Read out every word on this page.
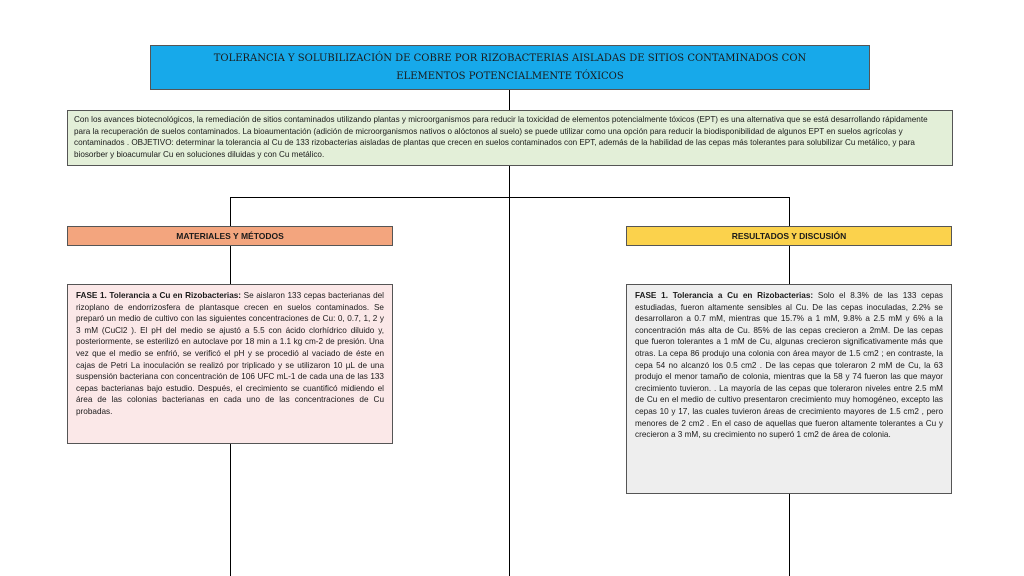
TOLERANCIA Y SOLUBILIZACIÓN DE COBRE POR RIZOBACTERIAS AISLADAS DE SITIOS CONTAMINADOS CON ELEMENTOS POTENCIALMENTE TÓXICOS
Con los avances biotecnológicos, la remediación de sitios contaminados utilizando plantas y microorganismos para reducir la toxicidad de elementos potencialmente tóxicos (EPT) es una alternativa que se está desarrollando rápidamente para la recuperación de suelos contaminados. La bioaumentación (adición de microorganismos nativos o alóctonos al suelo) se puede utilizar como una opción para reducir la biodisponibilidad de algunos EPT en suelos agrícolas y contaminados . OBJETIVO: determinar la tolerancia al Cu de 133 rizobacterias aisladas de plantas que crecen en suelos contaminados con EPT, además de la habilidad de las cepas más tolerantes para solubilizar Cu metálico, y para biosorber y bioacumular Cu en soluciones diluidas y con Cu metálico.
MATERIALES Y MÉTODOS	RESULTADOS Y DISCUSIÓN
FASE 1. Tolerancia a Cu en Rizobacterias: Se aislaron 133 cepas bacterianas del rizoplano de endorrizosfera de plantasque crecen en suelos contaminados. Se preparó un medio de cultivo con las siguientes concentraciones de Cu: 0, 0.7, 1, 2 y 3 mM (CuCl2 ). El pH del medio se ajustó a 5.5 con ácido clorhídrico diluido y, posteriormente, se esterilizó en autoclave por 18 min a 1.1 kg cm-2 de presión. Una vez que el medio se enfrió, se verificó el pH y se procedió al vaciado de éste en cajas de Petri La inoculación se realizó por triplicado y se utilizaron 10 µL de una suspensión bacteriana con concentración de 106 UFC mL-1 de cada una de las 133 cepas bacterianas bajo estudio. Después, el crecimiento se cuantificó midiendo el área de las colonias bacterianas en cada uno de las concentraciones de Cu probadas.
FASE 1. Tolerancia a Cu en Rizobacterias: Solo el 8.3% de las 133 cepas estudiadas, fueron altamente sensibles al Cu. De las cepas inoculadas, 2.2% se desarrollaron a 0.7 mM, mientras que 15.7% a 1 mM, 9.8% a 2.5 mM y 6% a la concentración más alta de Cu. 85% de las cepas crecieron a 2mM. De las cepas que fueron tolerantes a 1 mM de Cu, algunas crecieron significativamente más que otras. La cepa 86 produjo una colonia con área mayor de 1.5 cm2 ; en contraste, la cepa 54 no alcanzó los 0.5 cm2 . De las cepas que toleraron 2 mM de Cu, la 63 produjo el menor tamaño de colonia, mientras que la 58 y 74 fueron las que mayor crecimiento tuvieron. . La mayoría de las cepas que toleraron niveles entre 2.5 mM de Cu en el medio de cultivo presentaron crecimiento muy homogéneo, excepto las cepas 10 y 17, las cuales tuvieron áreas de crecimiento mayores de 1.5 cm2 , pero menores de 2 cm2 . En el caso de aquellas que fueron altamente tolerantes a Cu y crecieron a 3 mM, su crecimiento no superó 1 cm2 de área de colonia.
